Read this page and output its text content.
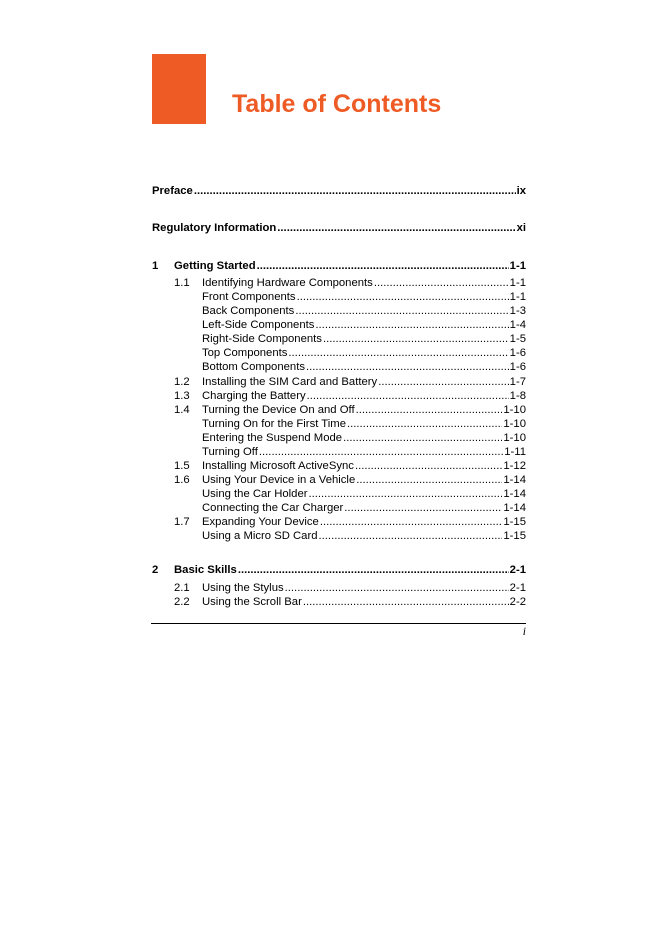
Table of Contents
Preface .....	ix
Regulatory Information .....	xi
1	Getting Started .....	1-1
1.1	Identifying Hardware Components .....	1-1
Front Components .....	1-1
Back Components .....	1-3
Left-Side Components .....	1-4
Right-Side Components .....	1-5
Top Components .....	1-6
Bottom Components .....	1-6
1.2	Installing the SIM Card and Battery .....	1-7
1.3	Charging the Battery .....	1-8
1.4	Turning the Device On and Off .....	1-10
Turning On for the First Time .....	1-10
Entering the Suspend Mode .....	1-10
Turning Off .....	1-11
1.5	Installing Microsoft ActiveSync .....	1-12
1.6	Using Your Device in a Vehicle .....	1-14
Using the Car Holder .....	1-14
Connecting the Car Charger .....	1-14
1.7	Expanding Your Device .....	1-15
Using a Micro SD Card .....	1-15
2	Basic Skills .....	2-1
2.1	Using the Stylus .....	2-1
2.2	Using the Scroll Bar .....	2-2
i
